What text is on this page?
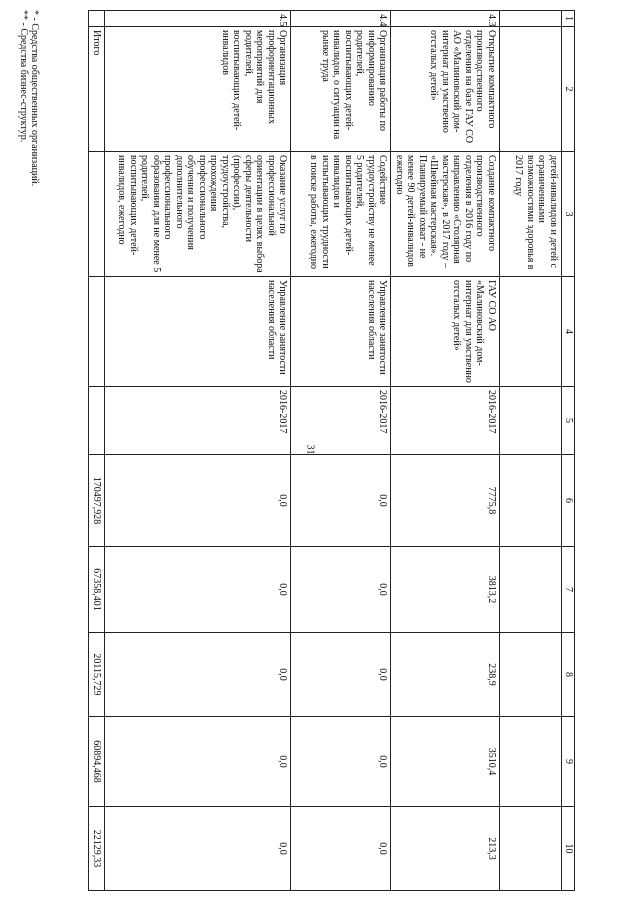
31
1	2	3	4	5	6	7	8	9	10
		детей-инвалидов и детей с ограниченными возможностями здоровья в 2017 году							
4.3	Открытие компактного производственного отделения на базе ГАУ СО АО «Малиновский дом-интернат для умственно отсталых детей»	Создание компактного производственного отделения в 2016 году по направлению «Столярная мастерская», в 2017 году – «Швейная мастерская». Планируемый охват - не менее 90 детей-инвалидов ежегодно	ГАУ СО АО «Малиновский дом-интернат для умственно отсталых детей»	2016-2017	7775,8	3813,2	238,9	3510,4	213,3
4.4	Организация работы по информированию родителей, воспитывающих детей-инвалидов, о ситуации на рынке труда	Содействие трудоустройству не менее 5 родителей, воспитывающих детей-инвалидов и испытывающих трудности в поиске работы, ежегодно	Управление занятости населения области	2016-2017	0,0	0,0	0,0	0,0	0,0
4.5	Организация профориентационных мероприятий для родителей, воспитывающих детей-инвалидов	Оказание услуг по профессиональной ориентации в целях выбора сферы деятельности (профессии), трудоустройства, прохождения профессионального обучения и получения дополнительного профессионального образования для не менее 5 родителей, воспитывающих детей-инвалидов, ежегодно	Управление занятости населения области	2016-2017	0,0	0,0	0,0	0,0	0,0
	Итого				170497,928	67358,401	20115,729	60894,468	22129,33
* - Средства общественных организаций.
** - Средства бизнес-структур.
